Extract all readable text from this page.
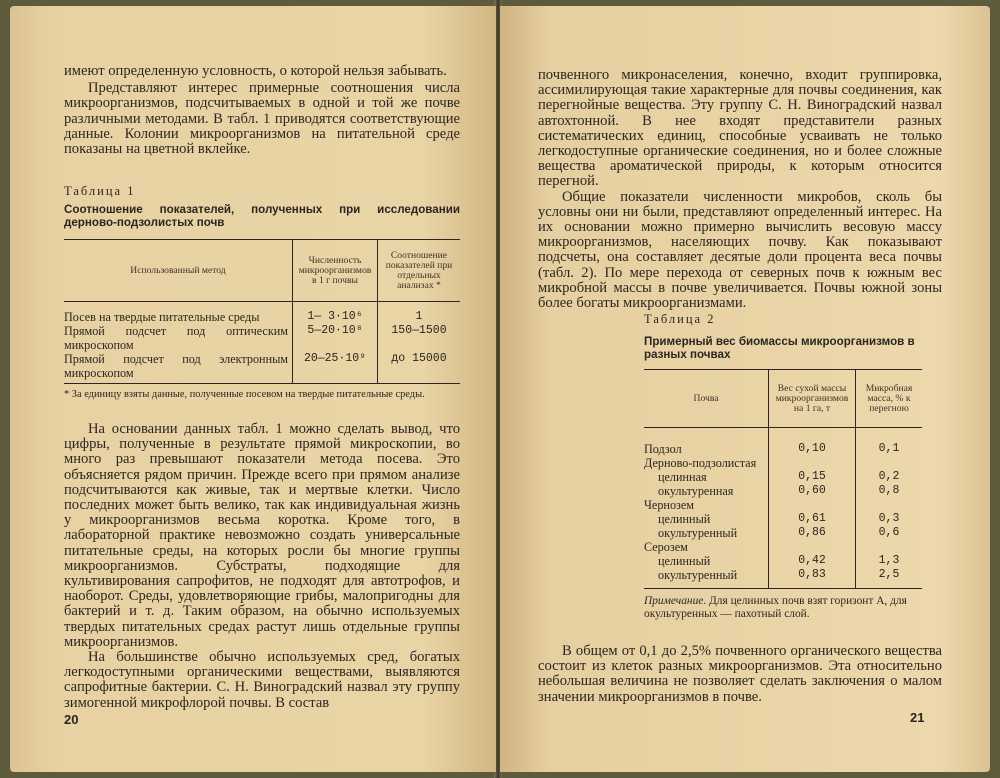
имеют определенную условность, о которой нельзя забывать.

Представляют интерес примерные соотношения числа микроорганизмов, подсчитываемых в одной и той же почве различными методами. В табл. 1 приводятся соответствующие данные. Колонии микроорганизмов на питательной среде показаны на цветной вклейке.

Таблица 1
Соотношение показателей, полученных при исследовании дерново-подзолистых почв
Использованный метод	Численность микроорганизмов в 1 г почвы	Соотношение показателей при отдельных анализах *

Посев на твердые питательные среды	1— 3·10⁶	1
Прямой подсчет под оптическим микроскопом	5—20·10⁸	150—1500
Прямой подсчет под электронным микроскопом	20—25·10⁹	до 15000
* За единицу взяты данные, полученные посевом на твердые питательные среды.

На основании данных табл. 1 можно сделать вывод, что цифры, полученные в результате прямой микроскопии, во много раз превышают показатели метода посева. Это объясняется рядом причин. Прежде всего при прямом анализе подсчитываются как живые, так и мертвые клетки. Число последних может быть велико, так как индивидуальная жизнь у микроорганизмов весьма коротка. Кроме того, в лабораторной практике невозможно создать универсальные питательные среды, на которых росли бы многие группы микроорганизмов. Субстраты, подходящие для культивирования сапрофитов, не подходят для автотрофов, и наоборот. Среды, удовлетворяющие грибы, малопригодны для бактерий и т. д. Таким образом, на обычно используемых твердых питательных средах растут лишь отдельные группы микроорганизмов.

На большинстве обычно используемых сред, богатых легкодоступными органическими веществами, выявляются сапрофитные бактерии. С. Н. Виноградский назвал эту группу зимогенной микрофлорой почвы. В состав

20

почвенного микронаселения, конечно, входит группировка, ассимилирующая такие характерные для почвы соединения, как перегнойные вещества. Эту группу С. Н. Виноградский назвал автохтонной. В нее входят представители разных систематических единиц, способные усваивать не только легкодоступные органические соединения, но и более сложные вещества ароматической природы, к которым относится перегной.

Общие показатели численности микробов, сколь бы условны они ни были, представляют определенный интерес. На их основании можно примерно вычислить весовую массу микроорганизмов, населяющих почву. Как показывают подсчеты, она составляет десятые доли процента веса почвы (табл. 2). По мере перехода от северных почв к южным вес микробной массы в почве увеличивается. Почвы южной зоны более богаты микроорганизмами.

Таблица 2
Примерный вес биомассы микроорганизмов в разных почвах
Почва	Вес сухой массы микроорганизмов на 1 га, т	Микробная масса, % к перегною

Подзол	0,10	0,1
Дерново-подзолистая		
целинная	0,15	0,2
окультуренная	0,60	0,8
Чернозем		
целинный	0,61	0,3
окультуренный	0,86	0,6
Серозем		
целинный	0,42	1,3
окультуренный	0,83	2,5

Примечание. Для целинных почв взят горизонт А, для окультуренных — пахотный слой.

В общем от 0,1 до 2,5% почвенного органического вещества состоит из клеток разных микроорганизмов. Эта относительно небольшая величина не позволяет сделать заключения о малом значении микроорганизмов в почве.

21
